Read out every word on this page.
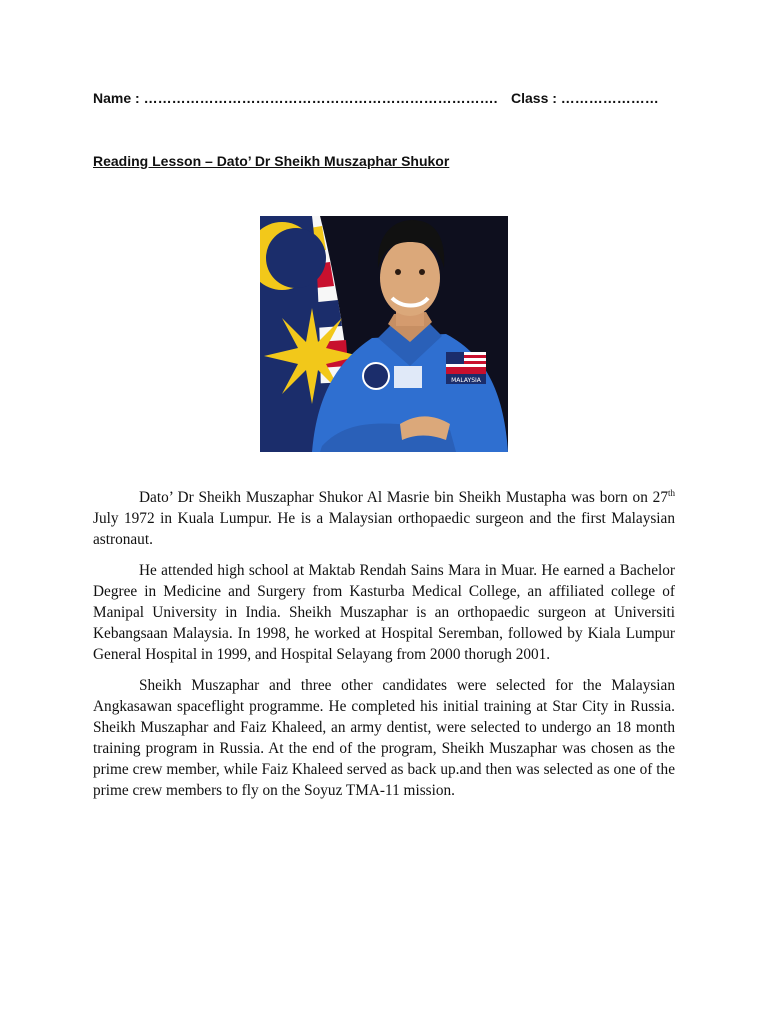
Name : …………………………………………………………………. Class : …………………
Reading Lesson – Dato’ Dr Sheikh Muszaphar Shukor
MALAYSIA

Dato’ Dr Sheikh Muszaphar Shukor Al Masrie bin Sheikh Mustapha was born on 27th July 1972 in Kuala Lumpur. He is a Malaysian orthopaedic surgeon and the first Malaysian astronaut.

He attended high school at Maktab Rendah Sains Mara in Muar. He earned a Bachelor Degree in Medicine and Surgery from Kasturba Medical College, an affiliated college of Manipal University in India. Sheikh Muszaphar is an orthopaedic surgeon at Universiti Kebangsaan Malaysia. In 1998, he worked at Hospital Seremban, followed by Kiala Lumpur General Hospital in 1999, and Hospital Selayang from 2000 thorugh 2001.

Sheikh Muszaphar and three other candidates were selected for the Malaysian Angkasawan spaceflight programme. He completed his initial training at Star City in Russia. Sheikh Muszaphar and Faiz Khaleed, an army dentist, were selected to undergo an 18 month training program in Russia. At the end of the program, Sheikh Muszaphar was chosen as the prime crew member, while Faiz Khaleed served as back up.and then was selected as one of the prime crew members to fly on the Soyuz TMA-11 mission.
